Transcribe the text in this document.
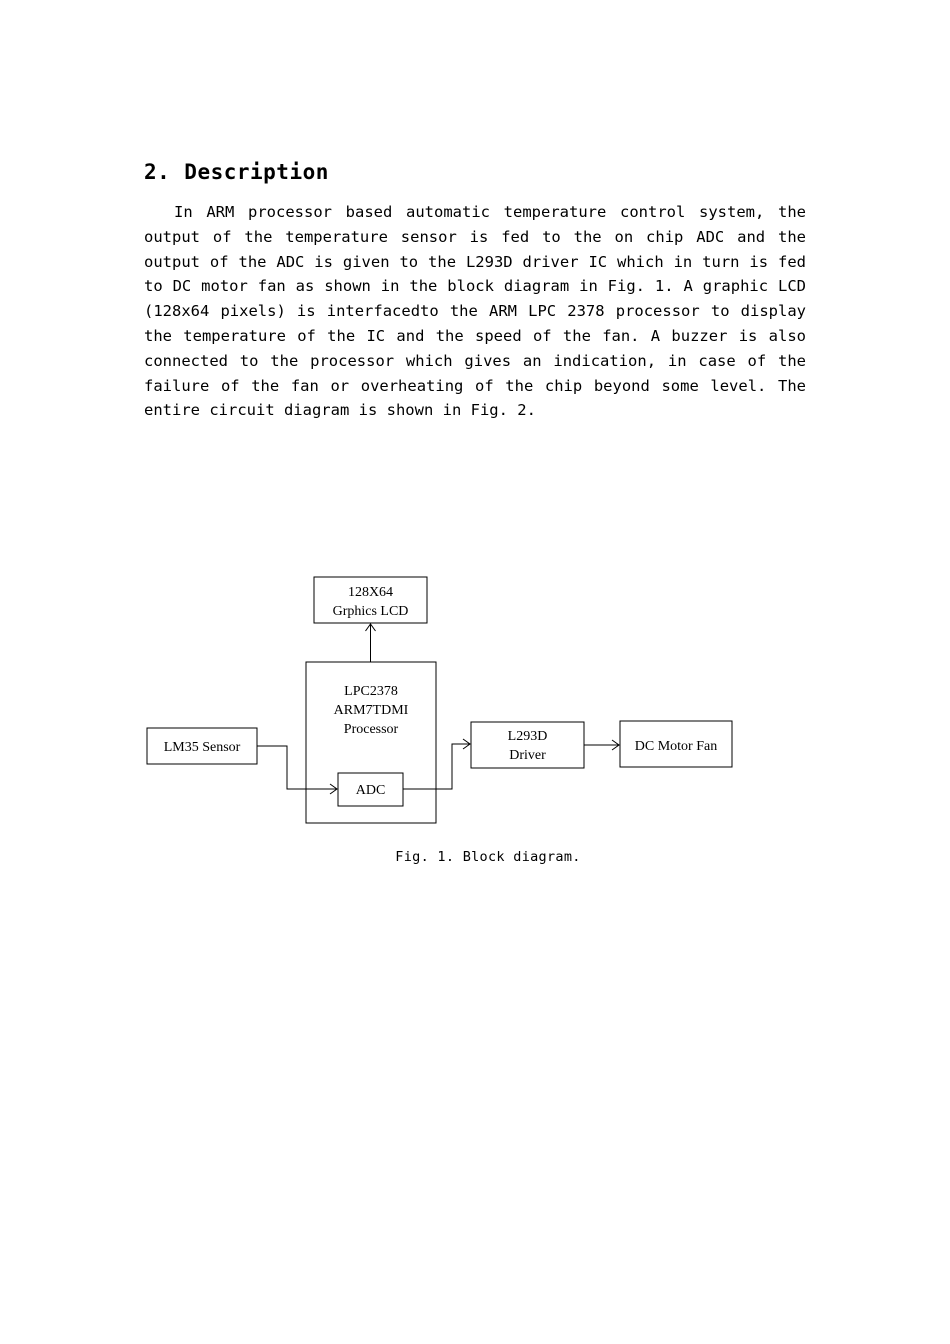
2. Description

In ARM processor based automatic temperature control system, the output of the temperature sensor is fed to the on chip ADC and the output of the ADC is given to the L293D driver IC which in turn is fed to DC motor fan as shown in the block diagram in Fig. 1. A graphic LCD (128x64 pixels) is interfacedto the ARM LPC 2378 processor to display the temperature of the IC and the speed of the fan. A buzzer is also connected to the processor which gives an indication, in case of the failure of the fan or overheating of the chip beyond some level. The entire circuit diagram is shown in Fig. 2.

128X64
Grphics LCD
LPC2378
ARM7TDMI
Processor
ADC
LM35 Sensor
L293D
Driver
DC Motor Fan
Fig. 1. Block diagram.
